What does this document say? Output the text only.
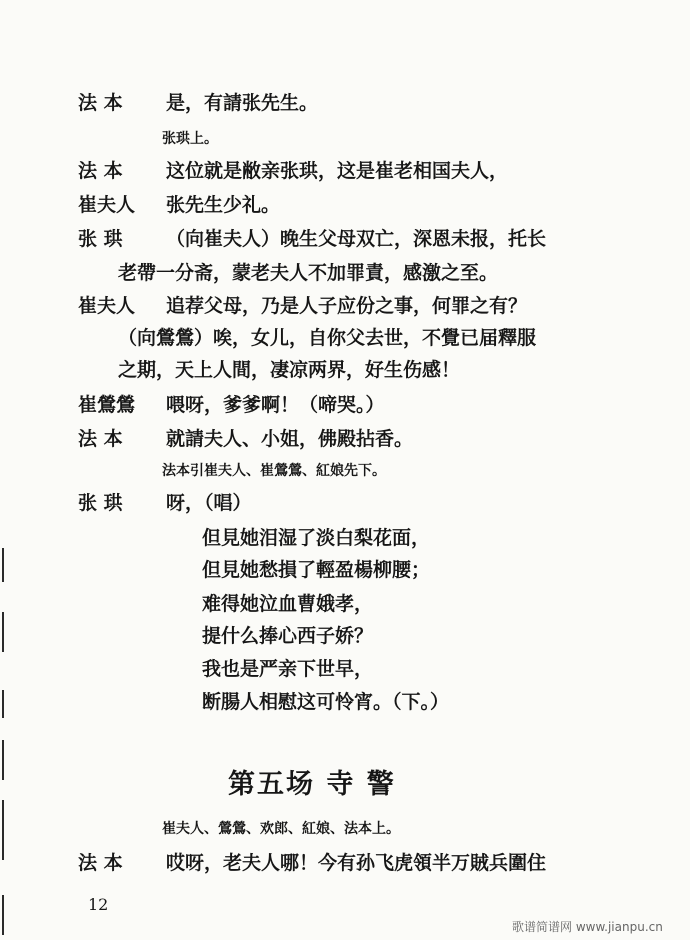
法 本 是，有請张先生。
张珙上。
法 本 这位就是敝亲张珙，这是崔老相国夫人，
崔夫人 张先生少礼。
张 珙 （向崔夫人）晚生父母双亡，深恩未报，托长
老帶一分斋，蒙老夫人不加罪責，感激之至。
崔夫人 追荐父母，乃是人子应份之事，何罪之有？
（向鶯鶯）唉，女儿，自你父去世，不覺已届釋服
之期，天上人間，凄凉两界，好生伤感！
崔鶯鶯 喂呀，爹爹啊！（啼哭。）
法 本 就請夫人、小姐，佛殿拈香。
法本引崔夫人、崔鶯鶯、紅娘先下。
张 珙 呀，（唱）
但見她泪湿了淡白梨花面，
但見她愁損了輕盈楊柳腰；
难得她泣血曹娥孝，
提什么捧心西子娇？
我也是严亲下世早，
断腸人相慰这可怜宵。（下。）
第五场 寺 警
崔夫人、鶯鶯、欢郎、紅娘、法本上。
法 本 哎呀，老夫人哪！今有孙飞虎領半万賊兵圍住
12
歌谱简谱网 www.jianpu.cn
